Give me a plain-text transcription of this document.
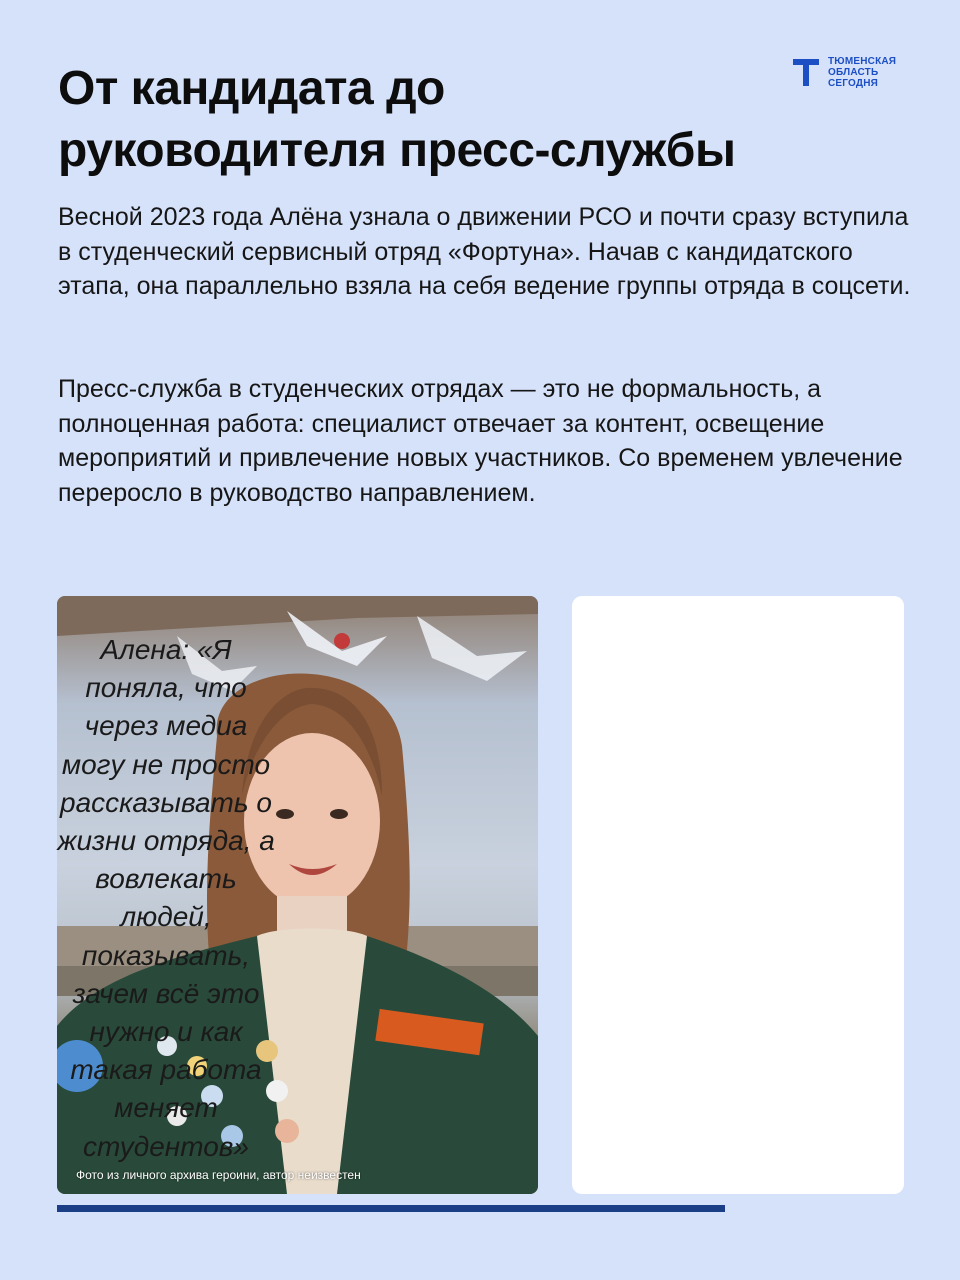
От кандидата до
руководителя пресс-службы
ТЮМЕНСКАЯ
ОБЛАСТЬ
СЕГОДНЯ

Весной 2023 года Алёна узнала о движении РСО и почти сразу вступила в студенческий сервисный отряд «Фортуна». Начав с кандидатского этапа, она параллельно взяла на себя ведение группы отряда в соцсети.

Пресс-служба в студенческих отрядах — это не формальность, а полноценная работа: специалист отвечает за контент, освещение мероприятий и привлечение новых участников. Со временем увлечение переросло в руководство направлением.

Фото из личного архива героини, автор неизвестен
Алена: «Я
поняла, что
через медиа
могу не просто
рассказывать о
жизни отряда, а
вовлекать
людей,
показывать,
зачем всё это
нужно и как
такая работа
меняет
студентов»
